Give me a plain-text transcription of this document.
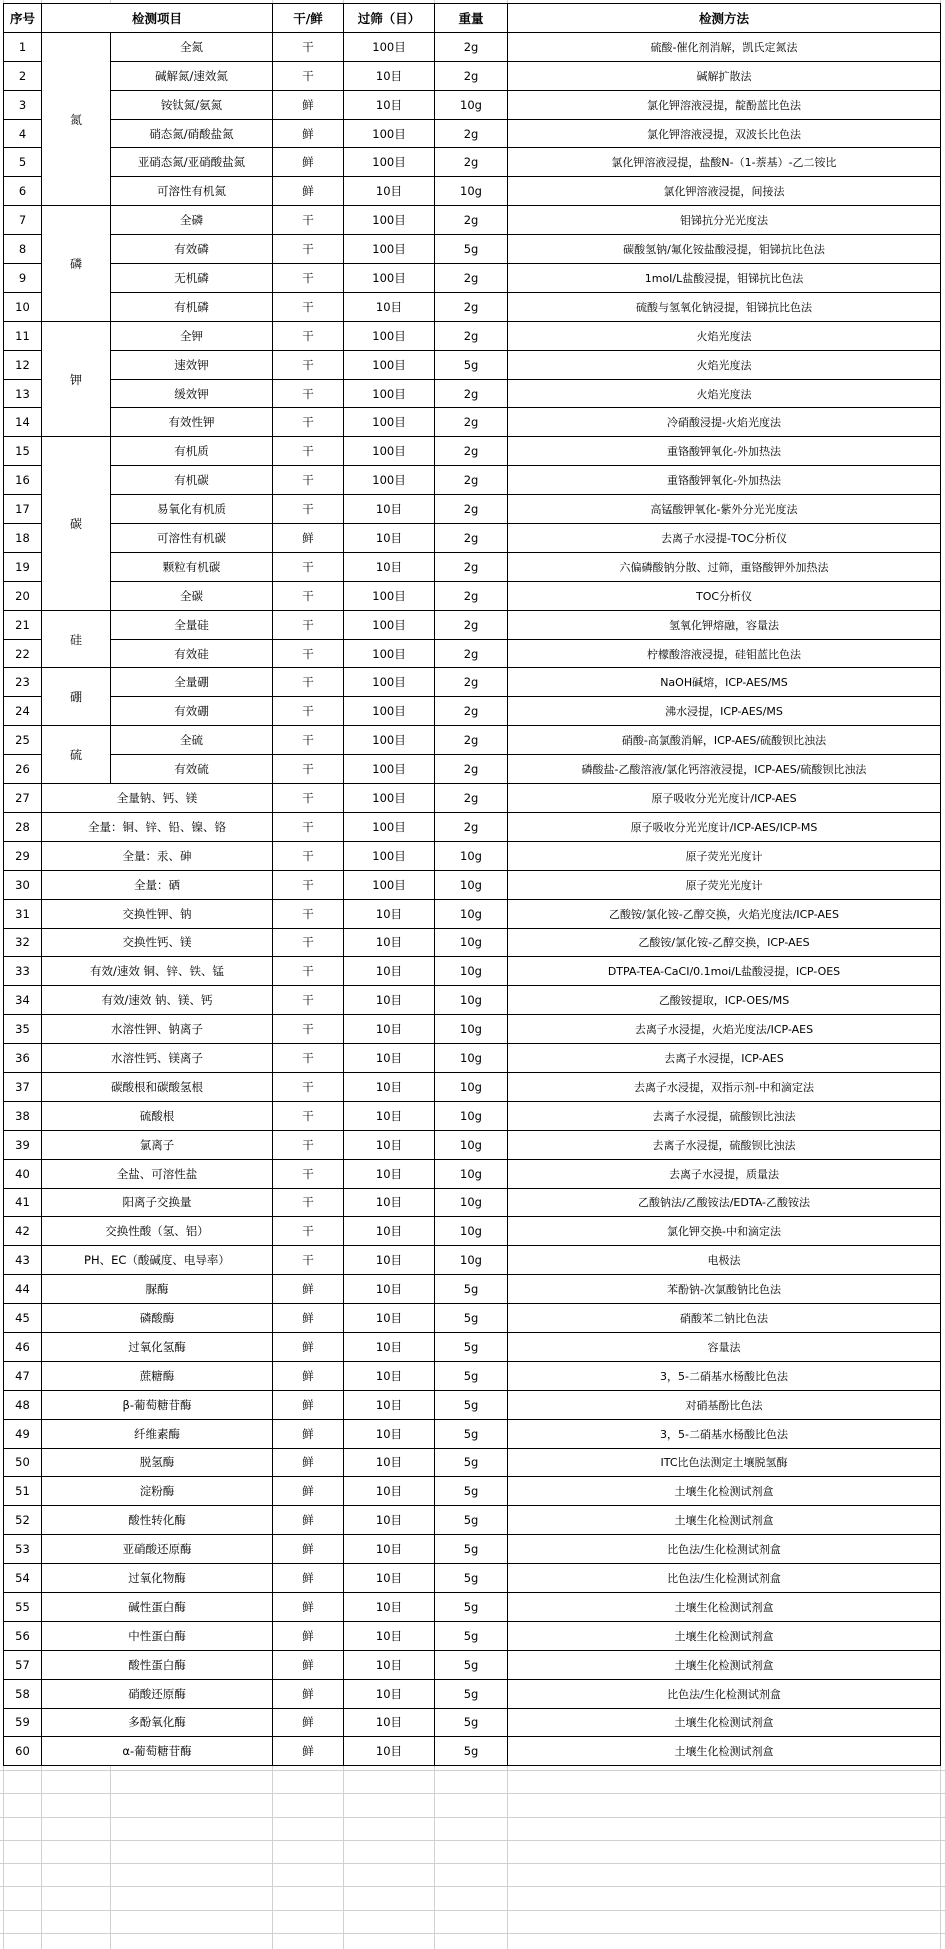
序号	检测项目		干/鲜	过筛（目）	重量	检测方法
1	氮	全氮	干	100目	2g	硫酸-催化剂消解，凯氏定氮法
2		碱解氮/速效氮	干	10目	2g	碱解扩散法
3		铵钛氮/氨氮	鲜	10目	10g	氯化钾溶液浸提，靛酚蓝比色法
4		硝态氮/硝酸盐氮	鲜	100目	2g	氯化钾溶液浸提，双波长比色法
5		亚硝态氮/亚硝酸盐氮	鲜	100目	2g	氯化钾溶液浸提，盐酸N-（1-萘基）-乙二铵比
6		可溶性有机氮	鲜	10目	10g	氯化钾溶液浸提，间接法
7	磷	全磷	干	100目	2g	钼锑抗分光光度法
8		有效磷	干	100目	5g	碳酸氢钠/氟化铵盐酸浸提，钼锑抗比色法
9		无机磷	干	100目	2g	1moI/L盐酸浸提，钼锑抗比色法
10		有机磷	干	10目	2g	硫酸与氢氧化钠浸提，钼锑抗比色法
11	钾	全钾	干	100目	2g	火焰光度法
12		速效钾	干	100目	5g	火焰光度法
13		缓效钾	干	100目	2g	火焰光度法
14		有效性钾	干	100目	2g	冷硝酸浸提-火焰光度法
15	碳	有机质	干	100目	2g	重铬酸钾氧化-外加热法
16		有机碳	干	100目	2g	重铬酸钾氧化-外加热法
17		易氧化有机质	干	10目	2g	高锰酸钾氧化-紫外分光光度法
18		可溶性有机碳	鲜	10目	2g	去离子水浸提-TOC分析仪
19		颗粒有机碳	干	10目	2g	六偏磷酸钠分散、过筛，重铬酸钾外加热法
20		全碳	干	100目	2g	TOC分析仪
21	硅	全量硅	干	100目	2g	氢氧化钾熔融，容量法
22		有效硅	干	100目	2g	柠檬酸溶液浸提，硅钼蓝比色法
23	硼	全量硼	干	100目	2g	NaOH碱熔，ICP-AES/MS
24		有效硼	干	100目	2g	沸水浸提，ICP-AES/MS
25	硫	全硫	干	100目	2g	硝酸-高氯酸消解，ICP-AES/硫酸钡比浊法
26		有效硫	干	100目	2g	磷酸盐-乙酸溶液/氯化钙溶液浸提，ICP-AES/硫酸钡比浊法
27	全量钠、钙、镁		干	100目	2g	原子吸收分光光度计/ICP-AES
28	全量：铜、锌、铅、镍、铬		干	100目	2g	原子吸收分光光度计/ICP-AES/ICP-MS
29	全量：汞、砷		干	100目	10g	原子荧光光度计
30	全量：硒		干	100目	10g	原子荧光光度计
31	交换性钾、钠		干	10目	10g	乙酸铵/氯化铵-乙醇交换，火焰光度法/ICP-AES
32	交换性钙、镁		干	10目	10g	乙酸铵/氯化铵-乙醇交换，ICP-AES
33	有效/速效 铜、锌、铁、锰		干	10目	10g	DTPA-TEA-CaCI/0.1moi/L盐酸浸提，ICP-OES
34	有效/速效 钠、镁、钙		干	10目	10g	乙酸铵提取，ICP-OES/MS
35	水溶性钾、钠离子		干	10目	10g	去离子水浸提，火焰光度法/ICP-AES
36	水溶性钙、镁离子		干	10目	10g	去离子水浸提，ICP-AES
37	碳酸根和碳酸氢根		干	10目	10g	去离子水浸提，双指示剂-中和滴定法
38	硫酸根		干	10目	10g	去离子水浸提，硫酸钡比浊法
39	氯离子		干	10目	10g	去离子水浸提，硫酸钡比浊法
40	全盐、可溶性盐		干	10目	10g	去离子水浸提，质量法
41	阳离子交换量		干	10目	10g	乙酸钠法/乙酸铵法/EDTA-乙酸铵法
42	交换性酸（氢、铝）		干	10目	10g	氯化钾交换-中和滴定法
43	PH、EC（酸碱度、电导率）		干	10目	10g	电极法
44	脲酶		鲜	10目	5g	苯酚钠-次氯酸钠比色法
45	磷酸酶		鲜	10目	5g	硝酸苯二钠比色法
46	过氧化氢酶		鲜	10目	5g	容量法
47	蔗糖酶		鲜	10目	5g	3，5-二硝基水杨酸比色法
48	β-葡萄糖苷酶		鲜	10目	5g	对硝基酚比色法
49	纤维素酶		鲜	10目	5g	3，5-二硝基水杨酸比色法
50	脱氢酶		鲜	10目	5g	ITC比色法测定土壤脱氢酶
51	淀粉酶		鲜	10目	5g	土壤生化检测试剂盒
52	酸性转化酶		鲜	10目	5g	土壤生化检测试剂盒
53	亚硝酸还原酶		鲜	10目	5g	比色法/生化检测试剂盒
54	过氧化物酶		鲜	10目	5g	比色法/生化检测试剂盒
55	碱性蛋白酶		鲜	10目	5g	土壤生化检测试剂盒
56	中性蛋白酶		鲜	10目	5g	土壤生化检测试剂盒
57	酸性蛋白酶		鲜	10目	5g	土壤生化检测试剂盒
58	硝酸还原酶		鲜	10目	5g	比色法/生化检测试剂盒
59	多酚氧化酶		鲜	10目	5g	土壤生化检测试剂盒
60	α-葡萄糖苷酶		鲜	10目	5g	土壤生化检测试剂盒
